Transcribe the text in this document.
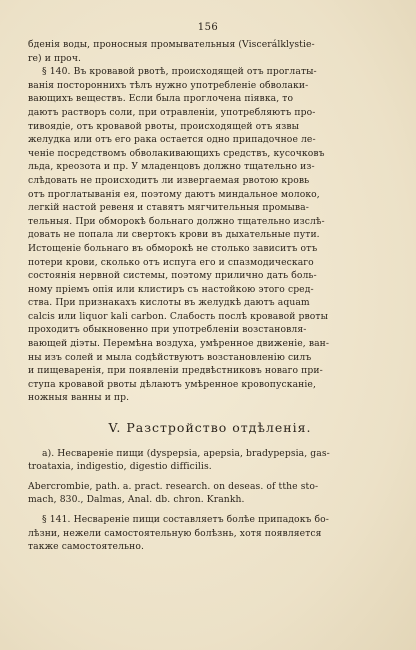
156

бденія воды, проносныя промывательныя (Viscerálklystie-

re) и проч.

§ 140. Въ кровавой рвотѣ, происходящей отъ проглаты-

ванія постороннихъ тѣлъ нужно употребленіе обволаки-

вающихъ веществъ. Если была проглочена піявка, то

даютъ растворъ соли, при отравленіи, употребляютъ про-

тивоядіе, отъ кровавой рвоты, происходящей отъ язвы

желудка или отъ его рака остается одно припадочное ле-

ченіе посредствомъ обволакивающихъ средствъ, кусочковъ

льда, креозота и пр. У младенцовъ должно тщательно из-

слѣдовать не происходитъ ли извергаемая рвотою кровь

отъ проглатыванія ея, поэтому даютъ миндальное молоко,

легкій настой ревеня и ставятъ мягчительныя промыва-

тельныя. При обморокѣ больнаго должно тщательно изслѣ-

довать не попала ли свертокъ крови въ дыхательные пути.

Истощеніе больнаго въ обморокѣ не столько зависитъ отъ

потери крови, сколько отъ испуга его и спазмодическаго

состоянія нервной системы, поэтому прилично дать боль-

ному пріемъ опія или клистиръ съ настойкою этого сред-

ства. При признакахъ кислоты въ желудкѣ даютъ aquam

calcis или liquor kali carbon. Слабость послѣ кровавой рвоты

проходитъ обыкновенно при употребленіи возстановля-

вающей діэты. Перемѣна воздуха, умѣренное движеніе, ван-

ны изъ солей и мыла содѣйствуютъ возстановленію силъ

и пищеваренія, при появленіи предвѣстниковъ новаго при-

ступа кровавой рвоты дѣлаютъ умѣренное кровопусканіе,

ножныя ванны и пр.

V. Разстройство отдѣленія.

a). Несвареніе пищи (dyspepsia, apepsia, bradypepsia, gas-

troataxia, indigestio, digestio difficilis.

Abercrombie, path. a. pract. research. on deseas. of tthe sto-

mach, 830., Dalmas, Anal. db. chron. Krankh.

§ 141. Несвареніе пищи составляетъ болѣе припадокъ бо-

лѣзни, нежели самостоятельную болѣзнь, хотя появляется

также самостоятельно.
